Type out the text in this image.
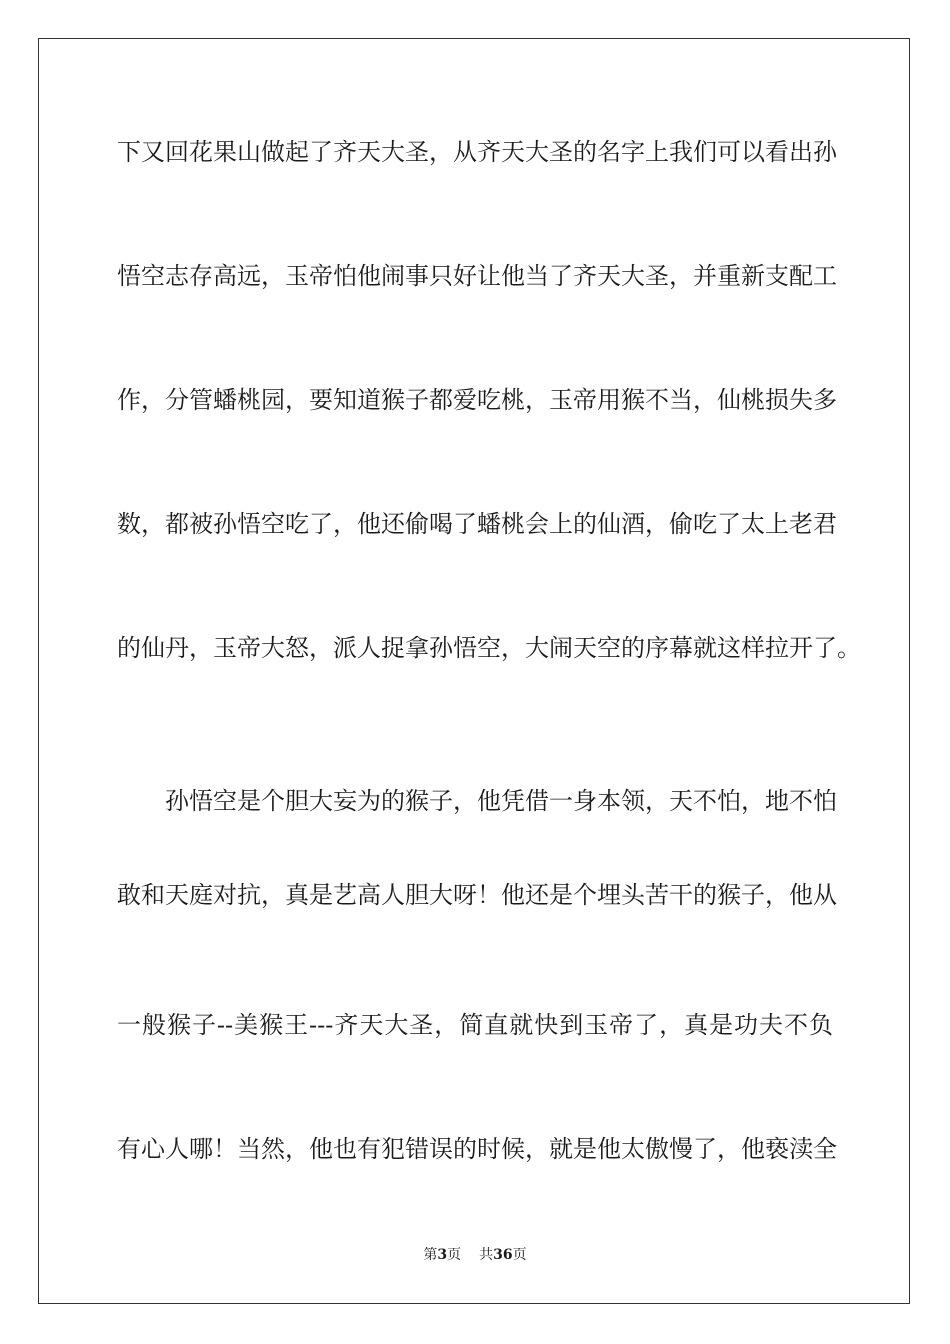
下又回花果山做起了齐天大圣，从齐天大圣的名字上我们可以看出孙
悟空志存高远，玉帝怕他闹事只好让他当了齐天大圣，并重新支配工
作，分管蟠桃园，要知道猴子都爱吃桃，玉帝用猴不当，仙桃损失多
数，都被孙悟空吃了，他还偷喝了蟠桃会上的仙酒，偷吃了太上老君
的仙丹，玉帝大怒，派人捉拿孙悟空，大闹天空的序幕就这样拉开了。
孙悟空是个胆大妄为的猴子，他凭借一身本领，天不怕，地不怕
敢和天庭对抗，真是艺高人胆大呀！他还是个埋头苦干的猴子，他从
一般猴子--美猴王---齐天大圣，简直就快到玉帝了，真是功夫不负
有心人哪！当然，他也有犯错误的时候，就是他太傲慢了，他亵渎全
第3页 共36页
